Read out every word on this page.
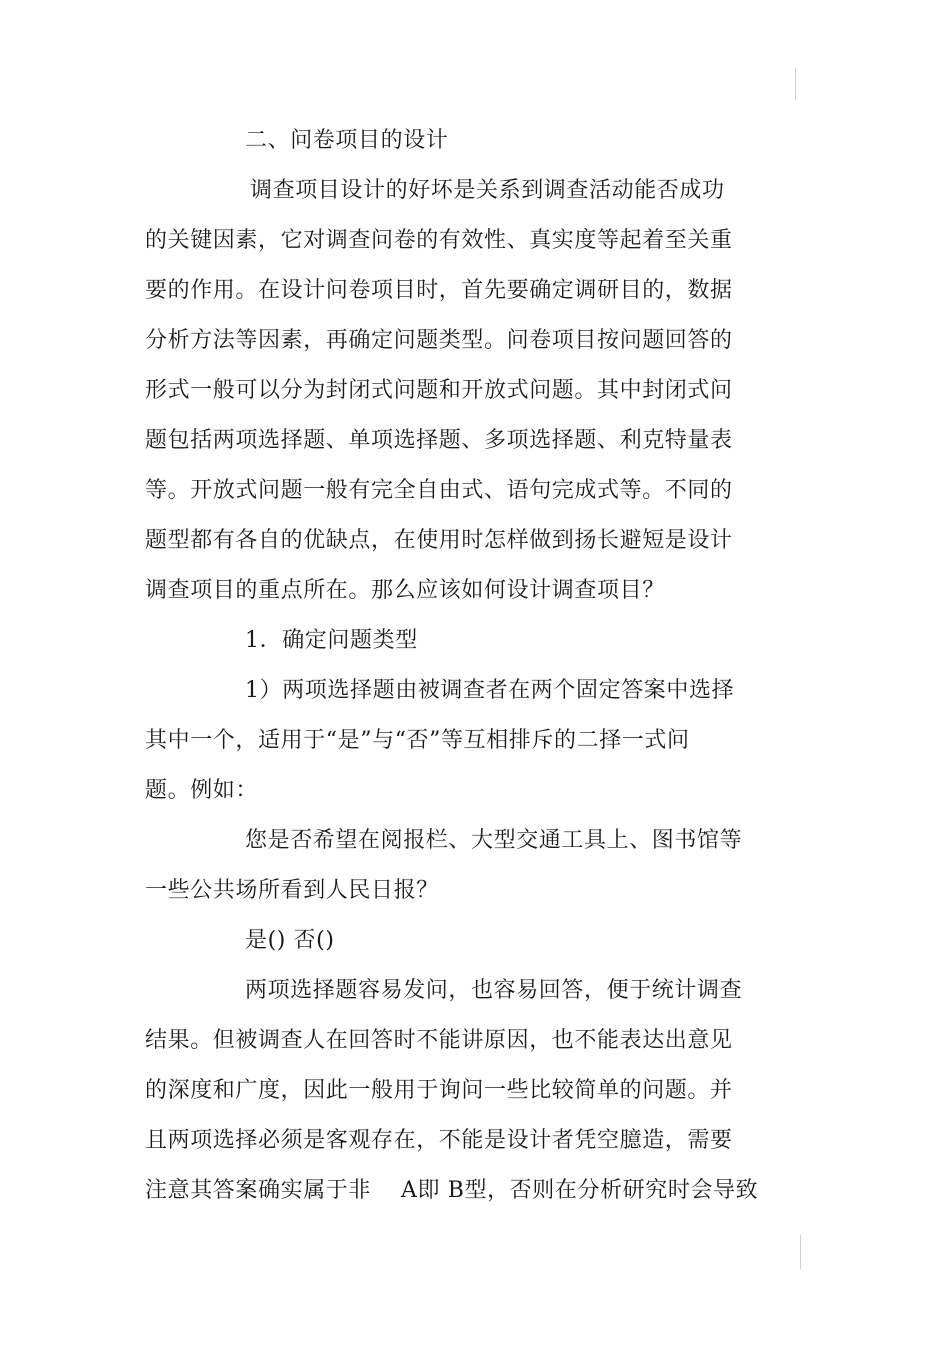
二、问卷项目的设计
调查项目设计的好坏是关系到调查活动能否成功
的关键因素，它对调查问卷的有效性、真实度等起着至关重
要的作用。在设计问卷项目时，首先要确定调研目的，数据
分析方法等因素，再确定问题类型。问卷项目按问题回答的
形式一般可以分为封闭式问题和开放式问题。其中封闭式问
题包括两项选择题、单项选择题、多项选择题、利克特量表
等。开放式问题一般有完全自由式、语句完成式等。不同的
题型都有各自的优缺点，在使用时怎样做到扬长避短是设计
调查项目的重点所在。那么应该如何设计调查项目？
1．确定问题类型
1）两项选择题由被调查者在两个固定答案中选择
其中一个，适用于“是”与“否”等互相排斥的二择一式问
题。例如：
您是否希望在阅报栏、大型交通工具上、图书馆等
一些公共场所看到人民日报？
是() 否()
两项选择题容易发问，也容易回答，便于统计调查
结果。但被调查人在回答时不能讲原因，也不能表达出意见
的深度和广度，因此一般用于询问一些比较简单的问题。并
且两项选择必须是客观存在，不能是设计者凭空臆造，需要
注意其答案确实属于非 A即 B型，否则在分析研究时会导致
